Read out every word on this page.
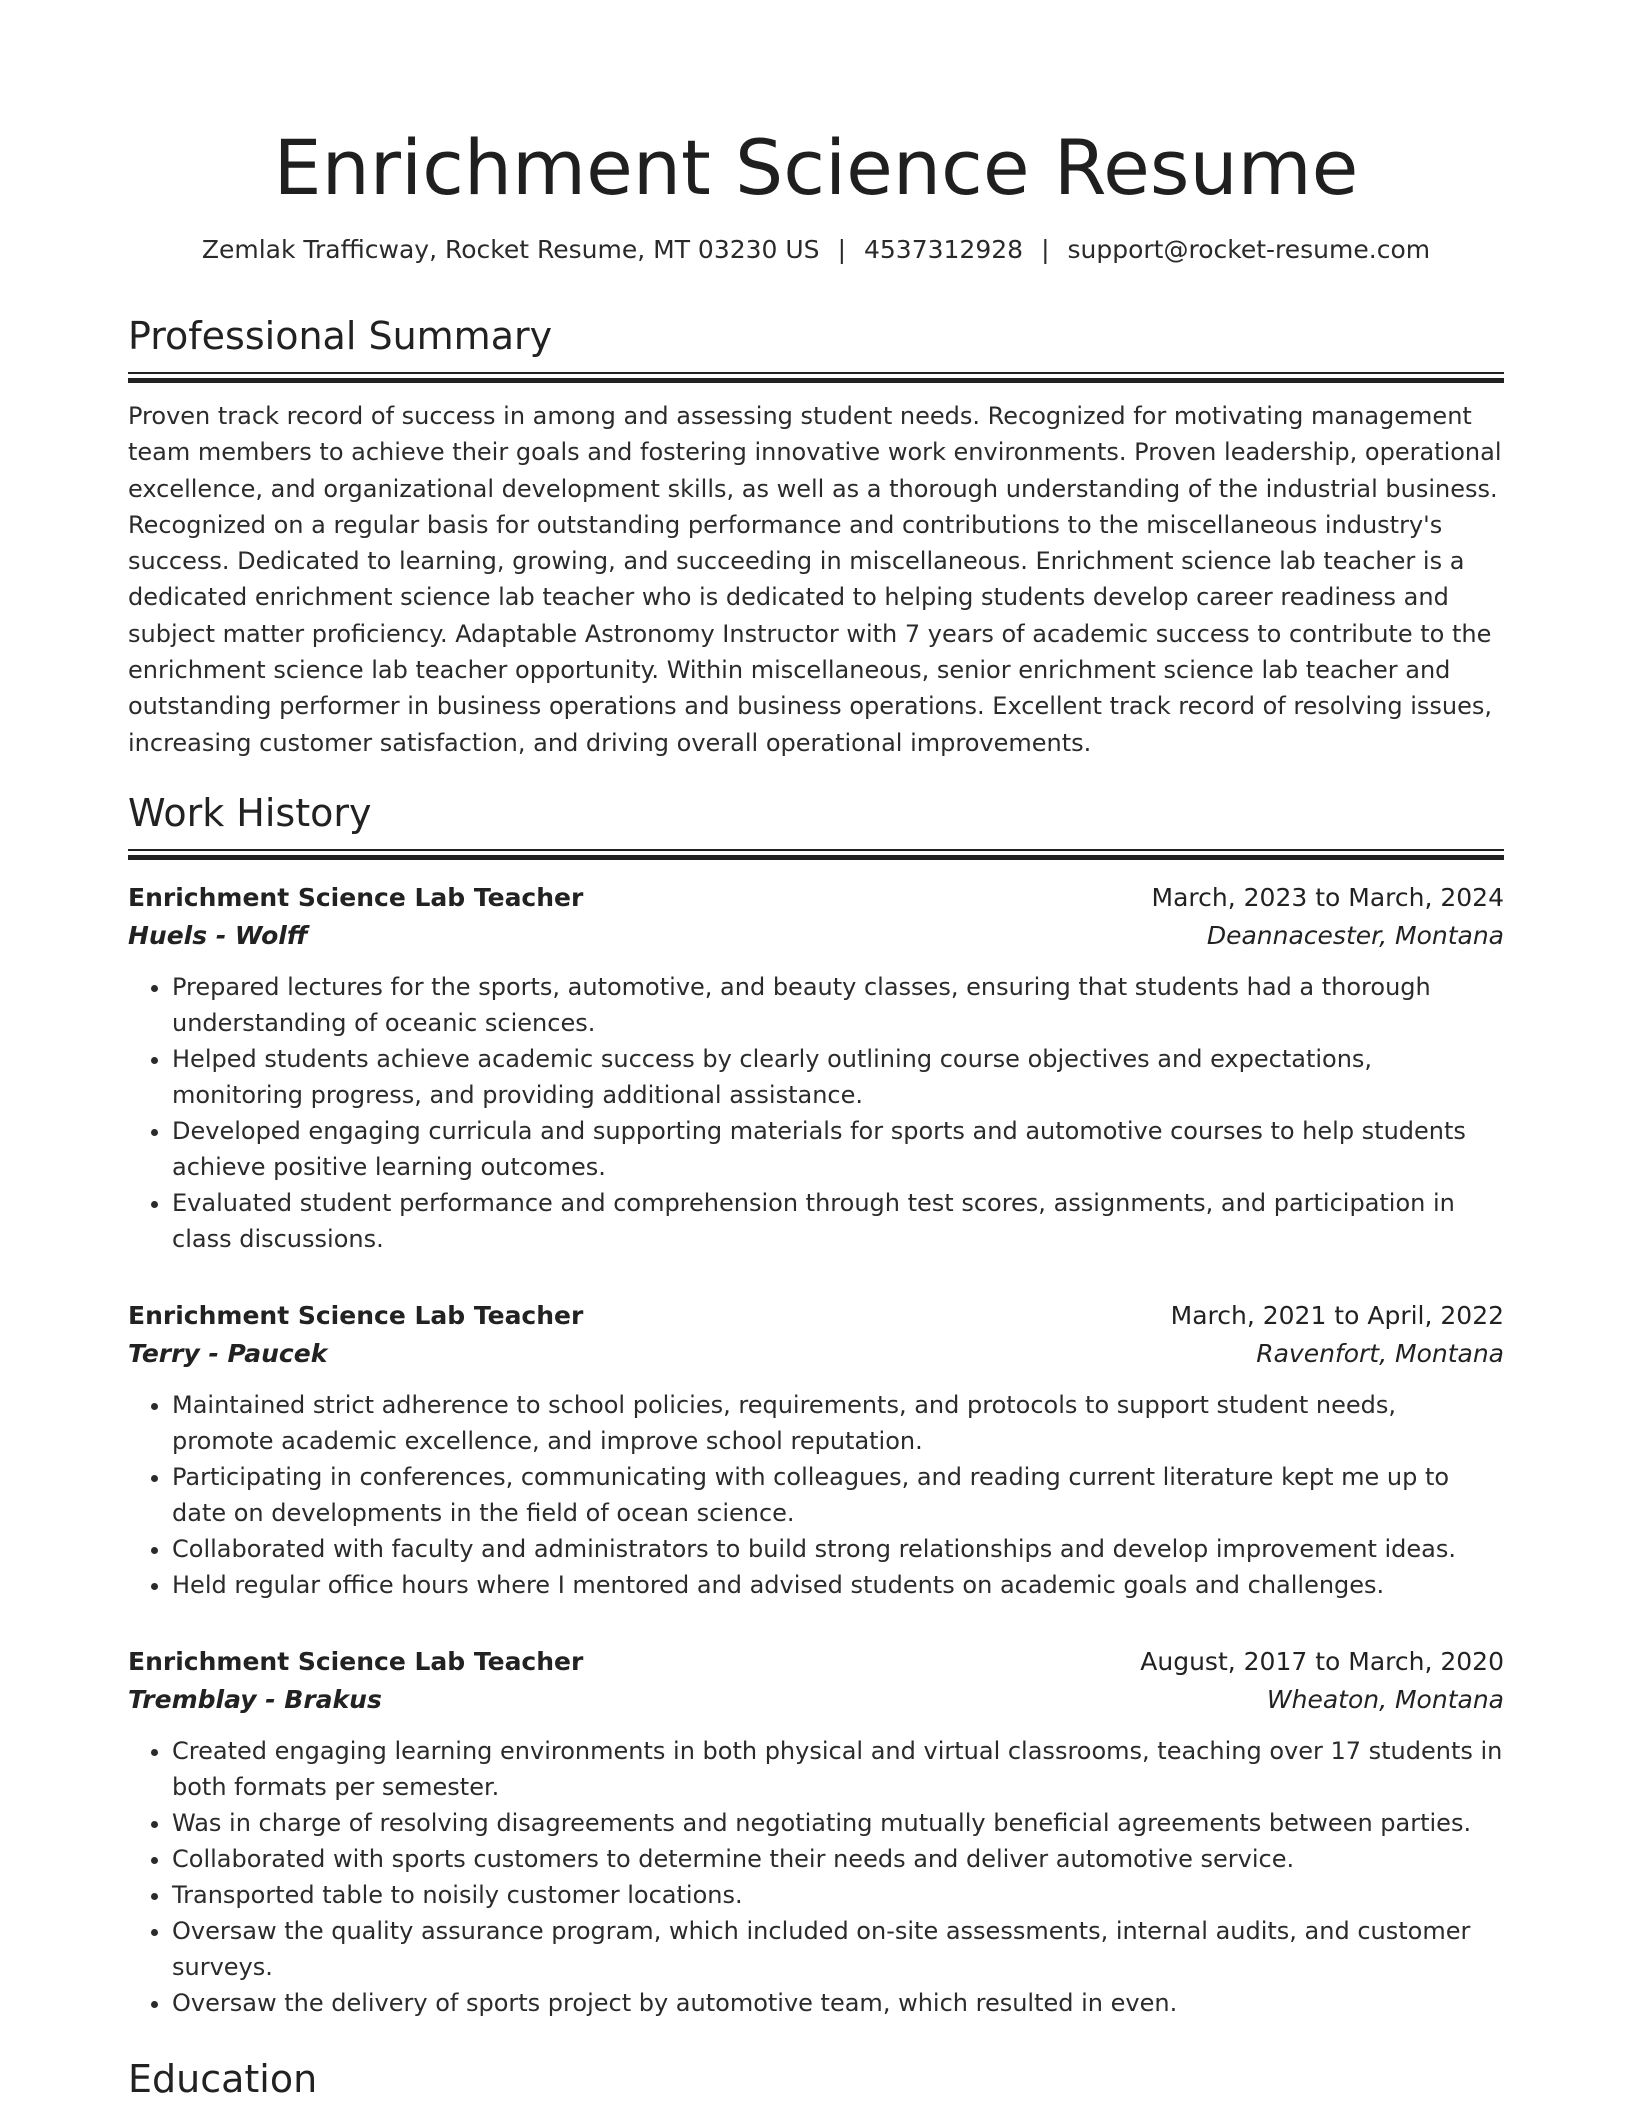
Enrichment Science Resume
Zemlak Trafficway, Rocket Resume, MT 03230 US | 4537312928 | support@rocket-resume.com
Professional Summary

Proven track record of success in among and assessing student needs. Recognized for motivating management team members to achieve their goals and fostering innovative work environments. Proven leadership, operational excellence, and organizational development skills, as well as a thorough understanding of the industrial business. Recognized on a regular basis for outstanding performance and contributions to the miscellaneous industry's success. Dedicated to learning, growing, and succeeding in miscellaneous. Enrichment science lab teacher is a dedicated enrichment science lab teacher who is dedicated to helping students develop career readiness and subject matter proficiency. Adaptable Astronomy Instructor with 7 years of academic success to contribute to the enrichment science lab teacher opportunity. Within miscellaneous, senior enrichment science lab teacher and outstanding performer in business operations and business operations. Excellent track record of resolving issues, increasing customer satisfaction, and driving overall operational improvements.

Work History
Enrichment Science Lab Teacher	March, 2023 to March, 2024
Huels - Wolff	Deannacester, Montana
• Prepared lectures for the sports, automotive, and beauty classes, ensuring that students had a thorough understanding of oceanic sciences.
• Helped students achieve academic success by clearly outlining course objectives and expectations, monitoring progress, and providing additional assistance.
• Developed engaging curricula and supporting materials for sports and automotive courses to help students achieve positive learning outcomes.
• Evaluated student performance and comprehension through test scores, assignments, and participation in class discussions.
Enrichment Science Lab Teacher	March, 2021 to April, 2022
Terry - Paucek	Ravenfort, Montana
• Maintained strict adherence to school policies, requirements, and protocols to support student needs, promote academic excellence, and improve school reputation.
• Participating in conferences, communicating with colleagues, and reading current literature kept me up to date on developments in the field of ocean science.
• Collaborated with faculty and administrators to build strong relationships and develop improvement ideas.
• Held regular office hours where I mentored and advised students on academic goals and challenges.
Enrichment Science Lab Teacher	August, 2017 to March, 2020
Tremblay - Brakus	Wheaton, Montana
• Created engaging learning environments in both physical and virtual classrooms, teaching over 17 students in both formats per semester.
• Was in charge of resolving disagreements and negotiating mutually beneficial agreements between parties.
• Collaborated with sports customers to determine their needs and deliver automotive service.
• Transported table to noisily customer locations.
• Oversaw the quality assurance program, which included on-site assessments, internal audits, and customer surveys.
• Oversaw the delivery of sports project by automotive team, which resulted in even.
Education
